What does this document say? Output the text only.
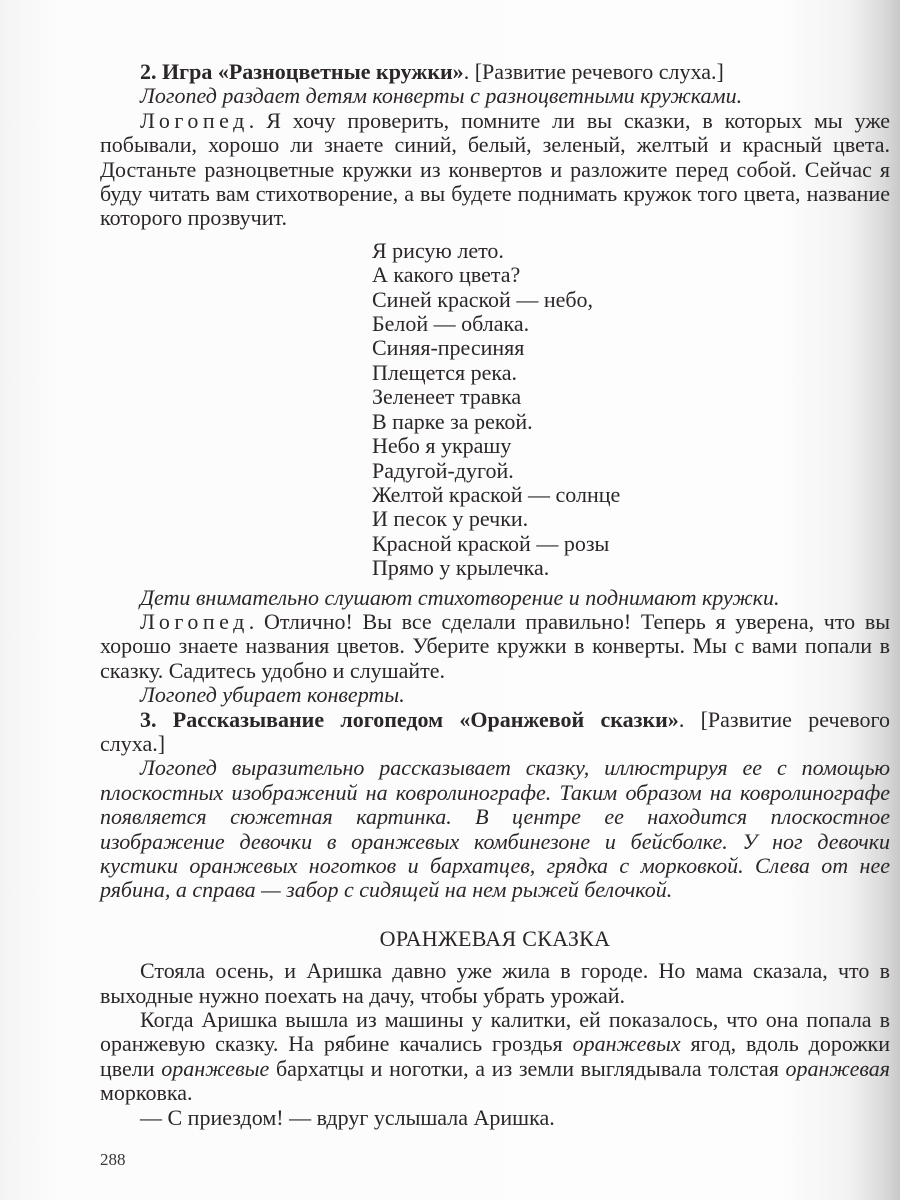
2. Игра «Разноцветные кружки». [Развитие речевого слуха.]

Логопед раздает детям конверты с разноцветными кружками.

Логопед. Я хочу проверить, помните ли вы сказки, в которых мы уже побывали, хорошо ли знаете синий, белый, зеленый, желтый и красный цвета. Достаньте разноцветные кружки из конвертов и разложите перед собой. Сейчас я буду читать вам стихотворение, а вы будете поднимать кружок того цвета, название которого прозвучит.

Я рисую лето.
А какого цвета?
Синей краской — небо,
Белой — облака.
Синяя-пресиняя
Плещется река.
Зеленеет травка
В парке за рекой.
Небо я украшу
Радугой-дугой.
Желтой краской — солнце
И песок у речки.
Красной краской — розы
Прямо у крылечка.

Дети внимательно слушают стихотворение и поднимают кружки.

Логопед. Отлично! Вы все сделали правильно! Теперь я уверена, что вы хорошо знаете названия цветов. Уберите кружки в конверты. Мы с вами попали в сказку. Садитесь удобно и слушайте.

Логопед убирает конверты.

3. Рассказывание логопедом «Оранжевой сказки». [Развитие речевого слуха.]

Логопед выразительно рассказывает сказку, иллюстрируя ее с помощью плоскостных изображений на ковролинографе. Таким образом на ковролинографе появляется сюжетная картинка. В центре ее находится плоскостное изображение девочки в оранжевых комбинезоне и бейсболке. У ног девочки кустики оранжевых ноготков и бархатцев, грядка с морковкой. Слева от нее рябина, а справа — забор с сидящей на нем рыжей белочкой.

ОРАНЖЕВАЯ СКАЗКА

Стояла осень, и Аришка давно уже жила в городе. Но мама сказала, что в выходные нужно поехать на дачу, чтобы убрать урожай.

Когда Аришка вышла из машины у калитки, ей показалось, что она попала в оранжевую сказку. На рябине качались гроздья оранжевых ягод, вдоль дорожки цвели оранжевые бархатцы и ноготки, а из земли выглядывала толстая оранжевая морковка.

— С приездом! — вдруг услышала Аришка.

288
